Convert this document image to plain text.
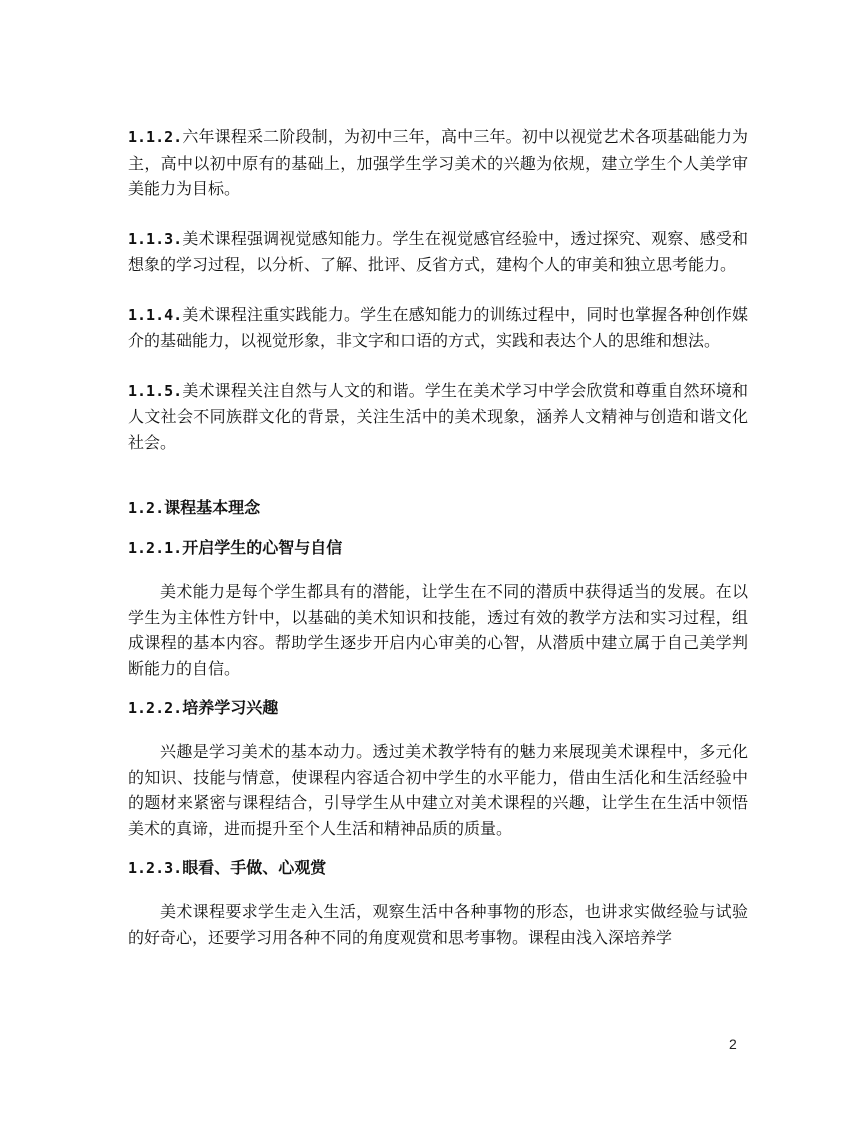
1.1.2.六年课程采二阶段制，为初中三年，高中三年。初中以视觉艺术各项基础能力为主，高中以初中原有的基础上，加强学生学习美术的兴趣为依规，建立学生个人美学审美能力为目标。

1.1.3.美术课程强调视觉感知能力。学生在视觉感官经验中，透过探究、观察、感受和想象的学习过程，以分析、了解、批评、反省方式，建构个人的审美和独立思考能力。

1.1.4.美术课程注重实践能力。学生在感知能力的训练过程中，同时也掌握各种创作媒介的基础能力，以视觉形象，非文字和口语的方式，实践和表达个人的思维和想法。

1.1.5.美术课程关注自然与人文的和谐。学生在美术学习中学会欣赏和尊重自然环境和人文社会不同族群文化的背景，关注生活中的美术现象，涵养人文精神与创造和谐文化社会。

1.2.课程基本理念
1.2.1.开启学生的心智与自信

美术能力是每个学生都具有的潜能，让学生在不同的潜质中获得适当的发展。在以学生为主体性方针中，以基础的美术知识和技能，透过有效的教学方法和实习过程，组成课程的基本内容。帮助学生逐步开启内心审美的心智，从潜质中建立属于自己美学判断能力的自信。

1.2.2.培养学习兴趣

兴趣是学习美术的基本动力。透过美术教学特有的魅力来展现美术课程中，多元化的知识、技能与情意，使课程内容适合初中学生的水平能力，借由生活化和生活经验中的题材来紧密与课程结合，引导学生从中建立对美术课程的兴趣，让学生在生活中领悟美术的真谛，进而提升至个人生活和精神品质的质量。

1.2.3.眼看、手做、心观赏

美术课程要求学生走入生活，观察生活中各种事物的形态，也讲求实做经验与试验的好奇心，还要学习用各种不同的角度观赏和思考事物。课程由浅入深培养学

2
